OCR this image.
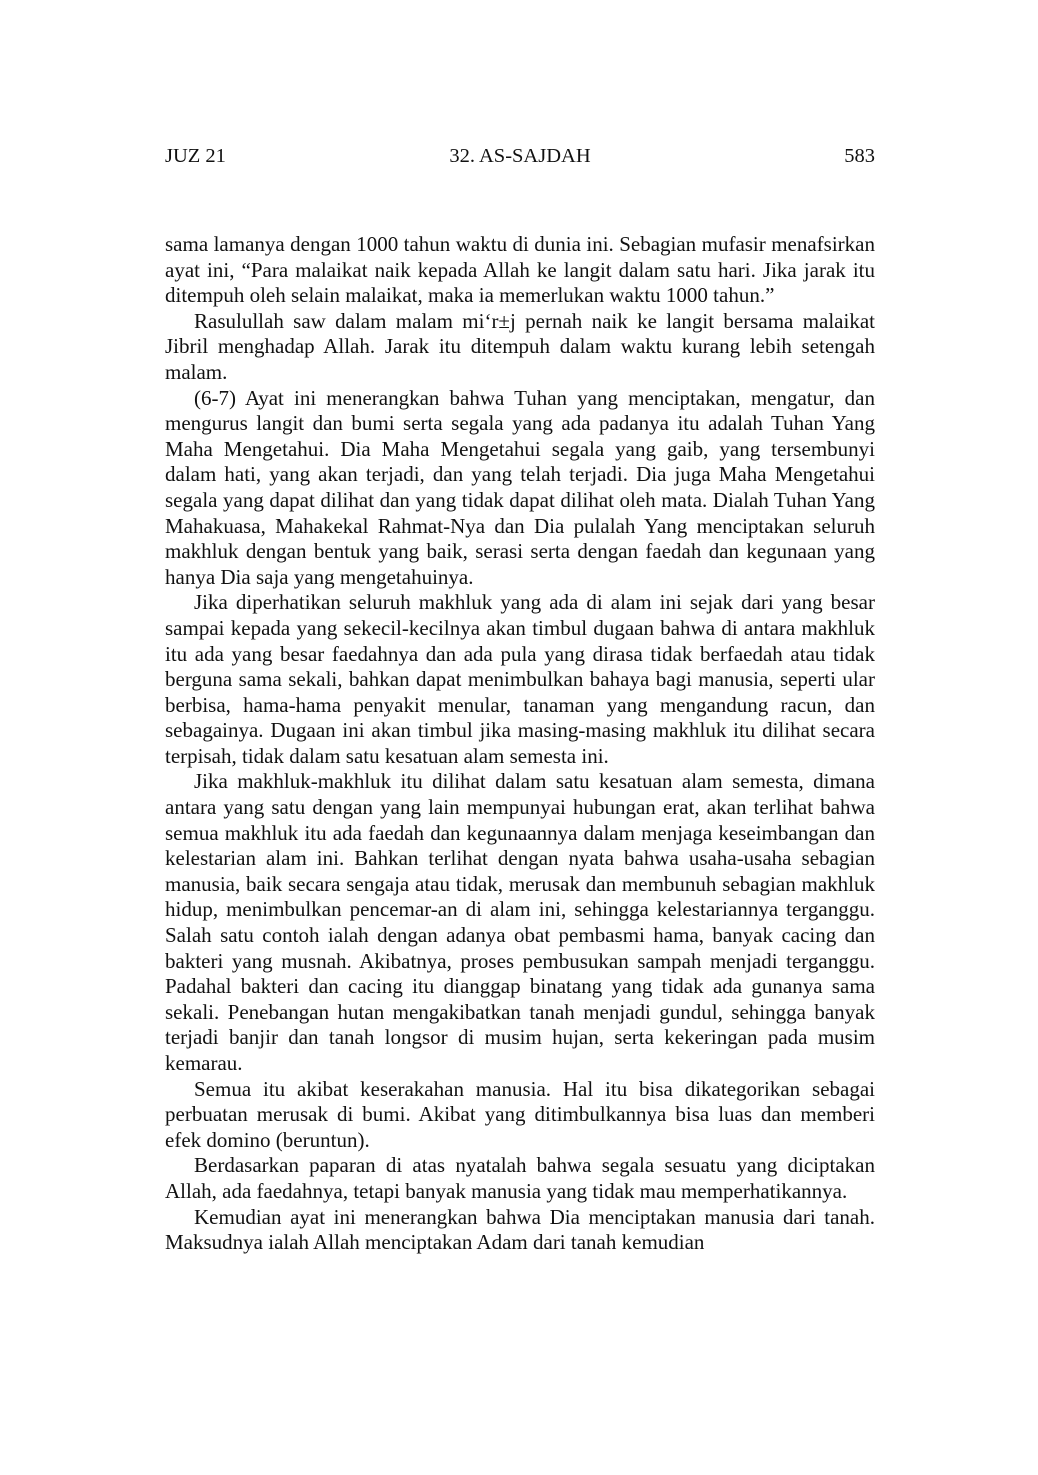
JUZ 21	32. AS-SAJDAH	583

sama lamanya dengan 1000 tahun waktu di dunia ini. Sebagian mufasir menafsirkan ayat ini, “Para malaikat naik kepada Allah ke langit dalam satu hari. Jika jarak itu ditempuh oleh selain malaikat, maka ia memerlukan waktu 1000 tahun.”

Rasulullah saw dalam malam mi‘r±j pernah naik ke langit bersama malaikat Jibril menghadap Allah. Jarak itu ditempuh dalam waktu kurang lebih setengah malam.

(6-7) Ayat ini menerangkan bahwa Tuhan yang menciptakan, mengatur, dan mengurus langit dan bumi serta segala yang ada padanya itu adalah Tuhan Yang Maha Mengetahui. Dia Maha Mengetahui segala yang gaib, yang tersembunyi dalam hati, yang akan terjadi, dan yang telah terjadi. Dia juga Maha Mengetahui segala yang dapat dilihat dan yang tidak dapat dilihat oleh mata. Dialah Tuhan Yang Mahakuasa, Mahakekal Rahmat-Nya dan Dia pulalah Yang menciptakan seluruh makhluk dengan bentuk yang baik, serasi serta dengan faedah dan kegunaan yang hanya Dia saja yang mengetahuinya.

Jika diperhatikan seluruh makhluk yang ada di alam ini sejak dari yang besar sampai kepada yang sekecil-kecilnya akan timbul dugaan bahwa di antara makhluk itu ada yang besar faedahnya dan ada pula yang dirasa tidak berfaedah atau tidak berguna sama sekali, bahkan dapat menimbulkan bahaya bagi manusia, seperti ular berbisa, hama-hama penyakit menular, tanaman yang mengandung racun, dan sebagainya. Dugaan ini akan timbul jika masing-masing makhluk itu dilihat secara terpisah, tidak dalam satu kesatuan alam semesta ini.

Jika makhluk-makhluk itu dilihat dalam satu kesatuan alam semesta, dimana antara yang satu dengan yang lain mempunyai hubungan erat, akan terlihat bahwa semua makhluk itu ada faedah dan kegunaannya dalam menjaga keseimbangan dan kelestarian alam ini. Bahkan terlihat dengan nyata bahwa usaha-usaha sebagian manusia, baik secara sengaja atau tidak, merusak dan membunuh sebagian makhluk hidup, menimbulkan pencemar-an di alam ini, sehingga kelestariannya terganggu. Salah satu contoh ialah dengan adanya obat pembasmi hama, banyak cacing dan bakteri yang musnah. Akibatnya, proses pembusukan sampah menjadi terganggu. Padahal bakteri dan cacing itu dianggap binatang yang tidak ada gunanya sama sekali. Penebangan hutan mengakibatkan tanah menjadi gundul, sehingga banyak terjadi banjir dan tanah longsor di musim hujan, serta kekeringan pada musim kemarau.

Semua itu akibat keserakahan manusia. Hal itu bisa dikategorikan sebagai perbuatan merusak di bumi. Akibat yang ditimbulkannya bisa luas dan memberi efek domino (beruntun).

Berdasarkan paparan di atas nyatalah bahwa segala sesuatu yang diciptakan Allah, ada faedahnya, tetapi banyak manusia yang tidak mau memperhatikannya.

Kemudian ayat ini menerangkan bahwa Dia menciptakan manusia dari tanah. Maksudnya ialah Allah menciptakan Adam dari tanah kemudian
